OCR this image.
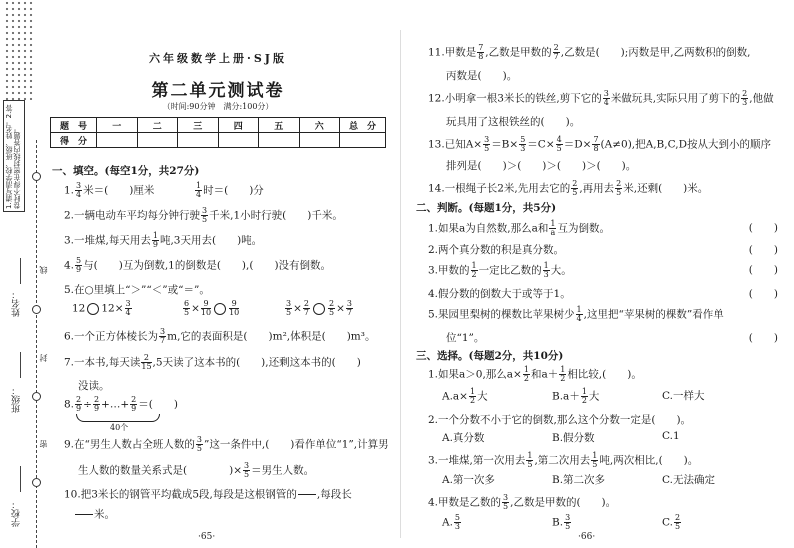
1.请写清学校、班级、姓名。2.答卷时不得在密封线内答题。
线
封
密
姓名：
班级：
学校：
六年级数学上册·SJ版
第二单元测试卷
（时间:90分钟　满分:100分）
题　号	一	二	三	四	五	六	总　分
得　分							
一、填空。(每空1分，共27分)
1. $\frac{3}{4}$ 米＝(　　)厘米	$\frac{1}{4}$ 时＝(　　)分
2.一辆电动车平均每分钟行驶 $\frac{3}{5}$ 千米,1小时行驶(　　)千米。
3.一堆煤,每天用去 $\frac{1}{9}$ 吨,3天用去(　　)吨。
4. $\frac{5}{9}$ 与(　　)互为倒数,1的倒数是(　　),(　　)没有倒数。
5.在○里填上“＞”“＜”或“＝”。
12 $12\times \frac{3}{4}$	$\frac{6}{5} \times \frac{9}{10} \frac{9}{10}$	$\frac{3}{5} \times \frac{2}{7} \frac{2}{5} \times \frac{3}{7}$
6.一个正方体棱长为 $\frac{3}{7} m$,它的表面积是(　　)m²,体积是(　　)m³。
7.一本书,每天读 $\frac{2}{15} ,5$天读了这本书的(　　),还剩这本书的(　　)
没读。
8. $\frac{2}{9} \div \frac{2}{9}$ +…+ $\frac{2}{9}$ ＝(　　)
40个
9.在“男生人数占全班人数的 $\frac{3}{5}$ ”这一条件中,(　　)看作单位“1”,计算男
生人数的数量关系式是(　　　　)× $\frac{3}{5}$ ＝男生人数。
10.把3米长的钢管平均截成5段,每段是这根钢管的

   ,每段长

米。
·65·
11.甲数是 $\frac{7}{8}$ ,乙数是甲数的 $\frac{2}{7}$ ,乙数是(　　);丙数是甲,乙两数积的倒数,
丙数是(　　)。
12.小明拿一根3米长的铁丝,剪下它的 $\frac{3}{4}$ 米做玩具,实际只用了剪下的 $\frac{2}{3}$ ,他做
玩具用了这根铁丝的(　　)。
13.已知$A\times \frac{3}{5} =B\times \frac{5}{3} =C\times \frac{4}{5} =D\times \frac{7}{8} (A\ne 0)$,把A,B,C,D按从大到小的顺序
排列是(　　)＞(　　)＞(　　)＞(　　)。
14.一根绳子长2米,先用去它的 $\frac{2}{5}$ ,再用去 $\frac{2}{5}$ 米,还剩(　　)米。
二、判断。(每题1分，共5分)
1.如果a为自然数,那么a和 $\frac{1}{a}$ 互为倒数。	(　　)
2.两个真分数的积是真分数。	(　　)
3.甲数的 $\frac{1}{2}$ 一定比乙数的 $\frac{1}{3}$ 大。	(　　)
4.假分数的倒数大于或等于1。	(　　)
5.果园里梨树的棵数比苹果树少 $\frac{1}{4}$ ,这里把“苹果树的棵数”看作单
位“1”。	(　　)
三、选择。(每题2分，共10分)
1.如果a＞0,那么$a\times \frac{1}{2}$ 和$a+ \frac{1}{2}$ 相比较,(　　)。
$A.a\times \frac{1}{2}$ 大	$B.a+ \frac{1}{2}$ 大	C.一样大
2.一个分数不小于它的倒数,那么这个分数一定是(　　)。
A.真分数	B.假分数	C.1
3.一堆煤,第一次用去 $\frac{1}{5}$ ,第二次用去 $\frac{1}{5}$ 吨,两次相比,(　　)。
A.第一次多	B.第二次多	C.无法确定
4.甲数是乙数的 $\frac{3}{5}$ ,乙数是甲数的(　　)。
A. $\frac{5}{3}$	B. $\frac{3}{5}$	C. $\frac{2}{5}$
·66·
